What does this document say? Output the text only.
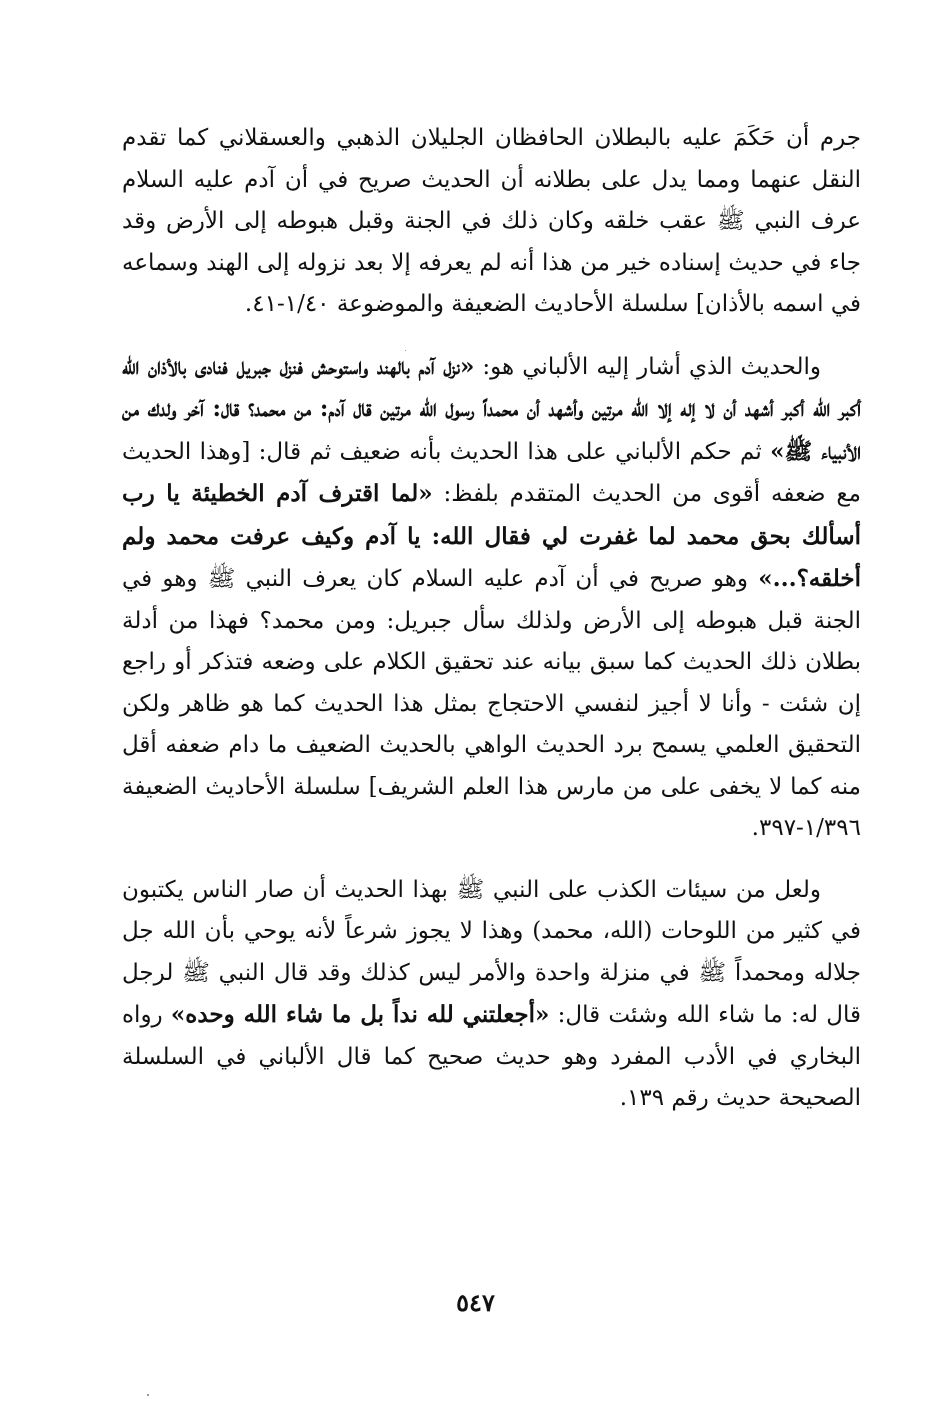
جرم أن حَكَمَ عليه بالبطلان الحافظان الجليلان الذهبي والعسقلاني كما تقدم النقل عنهما ومما يدل على بطلانه أن الحديث صريح في أن آدم عليه السلام عرف النبي ﷺ عقب خلقه وكان ذلك في الجنة وقبل هبوطه إلى الأرض وقد جاء في حديث إسناده خير من هذا أنه لم يعرفه إلا بعد نزوله إلى الهند وسماعه في اسمه بالأذان] سلسلة الأحاديث الضعيفة والموضوعة ١/٤٠-٤١.

والحديث الذي أشار إليه الألباني هو: «نزل آدم بالهند واستوحش فنزل جبريل فنادى بالأذان الله أكبر الله أكبر أشهد أن لا إله إلا الله مرتين وأشهد أن محمداً رسول الله مرتين قال آدم: من محمد؟ قال: آخر ولدك من الأنبياء ﷺ» ثم حكم الألباني على هذا الحديث بأنه ضعيف ثم قال: [وهذا الحديث مع ضعفه أقوى من الحديث المتقدم بلفظ: «لما اقترف آدم الخطيئة يا رب أسألك بحق محمد لما غفرت لي فقال الله: يا آدم وكيف عرفت محمد ولم أخلقه؟...» وهو صريح في أن آدم عليه السلام كان يعرف النبي ﷺ وهو في الجنة قبل هبوطه إلى الأرض ولذلك سأل جبريل: ومن محمد؟ فهذا من أدلة بطلان ذلك الحديث كما سبق بيانه عند تحقيق الكلام على وضعه فتذكر أو راجع إن شئت - وأنا لا أجيز لنفسي الاحتجاج بمثل هذا الحديث كما هو ظاهر ولكن التحقيق العلمي يسمح برد الحديث الواهي بالحديث الضعيف ما دام ضعفه أقل منه كما لا يخفى على من مارس هذا العلم الشريف] سلسلة الأحاديث الضعيفة ١/٣٩٦-٣٩٧.

ولعل من سيئات الكذب على النبي ﷺ بهذا الحديث أن صار الناس يكتبون في كثير من اللوحات (الله، محمد) وهذا لا يجوز شرعاً لأنه يوحي بأن الله جل جلاله ومحمداً ﷺ في منزلة واحدة والأمر ليس كذلك وقد قال النبي ﷺ لرجل قال له: ما شاء الله وشئت قال: «أجعلتني لله نداً بل ما شاء الله وحده» رواه البخاري في الأدب المفرد وهو حديث صحيح كما قال الألباني في السلسلة الصحيحة حديث رقم ١٣٩.

٥٤٧
